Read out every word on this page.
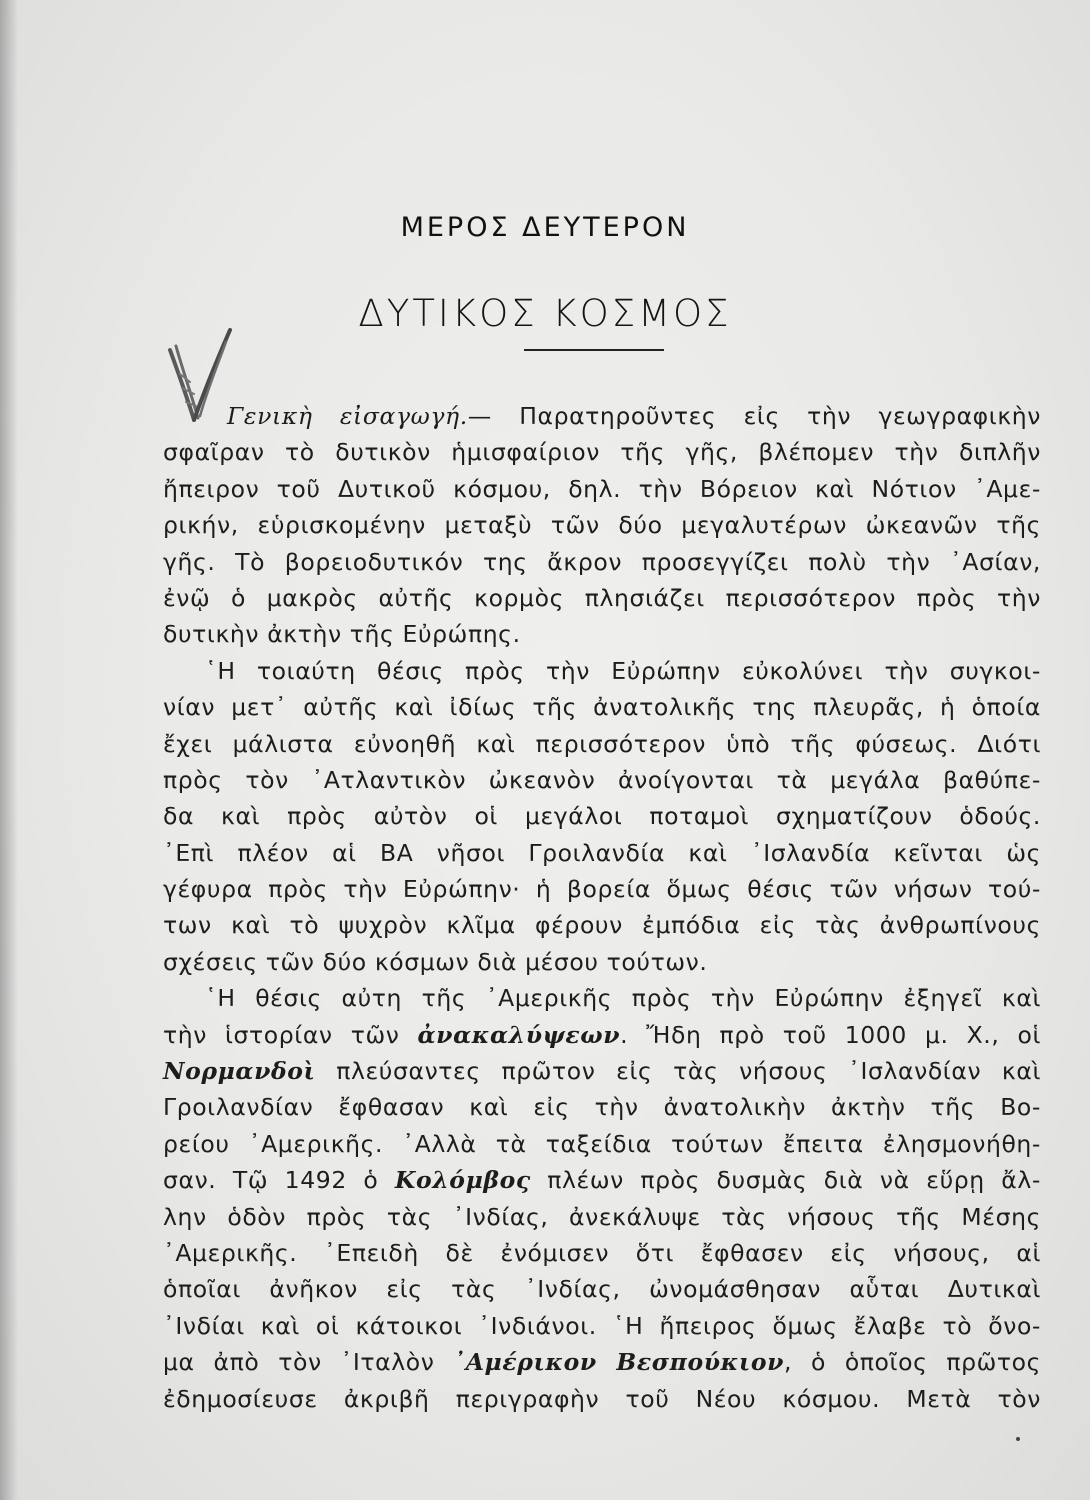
ΜΕΡΟΣ ΔΕΥΤΕΡΟΝ
ΔΥΤΙΚΟΣ ΚΟΣΜΟΣ
Γενικὴ εἰσαγωγή.— Παρατηροῦντες εἰς τὴν γεωγραφικὴν
σφαῖραν τὸ δυτικὸν ἡμισφαίριον τῆς γῆς, βλέπομεν τὴν διπλῆν
ἤπειρον τοῦ Δυτικοῦ κόσμου, δηλ. τὴν Βόρειον καὶ Νότιον ᾿Αμε-
ρικήν, εὑρισκομένην μεταξὺ τῶν δύο μεγαλυτέρων ὠκεανῶν τῆς
γῆς. Τὸ βορειοδυτικόν της ἄκρον προσεγγίζει πολὺ τὴν ᾿Ασίαν,
ἐνῷ ὁ μακρὸς αὐτῆς κορμὸς πλησιάζει περισσότερον πρὸς τὴν
δυτικὴν ἀκτὴν τῆς Εὐρώπης.
῾Η τοιαύτη θέσις πρὸς τὴν Εὐρώπην εὐκολύνει τὴν συγκοι-
νίαν μετ᾽ αὐτῆς καὶ ἰδίως τῆς ἀνατολικῆς της πλευρᾶς, ἡ ὁποία
ἔχει μάλιστα εὐνοηθῆ καὶ περισσότερον ὑπὸ τῆς φύσεως. Διότι
πρὸς τὸν ᾿Ατλαντικὸν ὠκεανὸν ἀνοίγονται τὰ μεγάλα βαθύπε-
δα καὶ πρὸς αὐτὸν οἱ μεγάλοι ποταμοὶ σχηματίζουν ὁδούς.
᾿Επὶ πλέον αἱ ΒΑ νῆσοι Γροιλανδία καὶ ᾿Ισλανδία κεῖνται ὡς
γέφυρα πρὸς τὴν Εὐρώπην· ἡ βορεία ὅμως θέσις τῶν νήσων τού-
των καὶ τὸ ψυχρὸν κλῖμα φέρουν ἐμπόδια εἰς τὰς ἀνθρωπίνους
σχέσεις τῶν δύο κόσμων διὰ μέσου τούτων.
῾Η θέσις αὐτη τῆς ᾿Αμερικῆς πρὸς τὴν Εὐρώπην ἐξηγεῖ καὶ
τὴν ἱστορίαν τῶν ἀνακαλύψεων. Ἤδη πρὸ τοῦ 1000 μ. Χ., οἱ
Νορμανδοὶ πλεύσαντες πρῶτον εἰς τὰς νήσους ᾿Ισλανδίαν καὶ
Γροιλανδίαν ἔφθασαν καὶ εἰς τὴν ἀνατολικὴν ἀκτὴν τῆς Βο-
ρείου ᾿Αμερικῆς. ᾿Αλλὰ τὰ ταξείδια τούτων ἔπειτα ἐλησμονήθη-
σαν. Τῷ 1492 ὁ Κολόμβος πλέων πρὸς δυσμὰς διὰ νὰ εὕρῃ ἄλ-
λην ὁδὸν πρὸς τὰς ᾿Ινδίας, ἀνεκάλυψε τὰς νήσους τῆς Μέσης
᾿Αμερικῆς. ᾿Επειδὴ δὲ ἐνόμισεν ὅτι ἔφθασεν εἰς νήσους, αἱ
ὁποῖαι ἀνῆκον εἰς τὰς ᾿Ινδίας, ὠνομάσθησαν αὗται Δυτικαὶ
᾿Ινδίαι καὶ οἱ κάτοικοι ᾿Ινδιάνοι. ῾Η ἤπειρος ὅμως ἔλαβε τὸ ὄνο-
μα ἀπὸ τὸν ᾿Ιταλὸν ᾿Αμέρικον Βεσπούκιον, ὁ ὁποῖος πρῶτος
ἐδημοσίευσε ἀκριβῆ περιγραφὴν τοῦ Νέου κόσμου. Μετὰ τὸν
